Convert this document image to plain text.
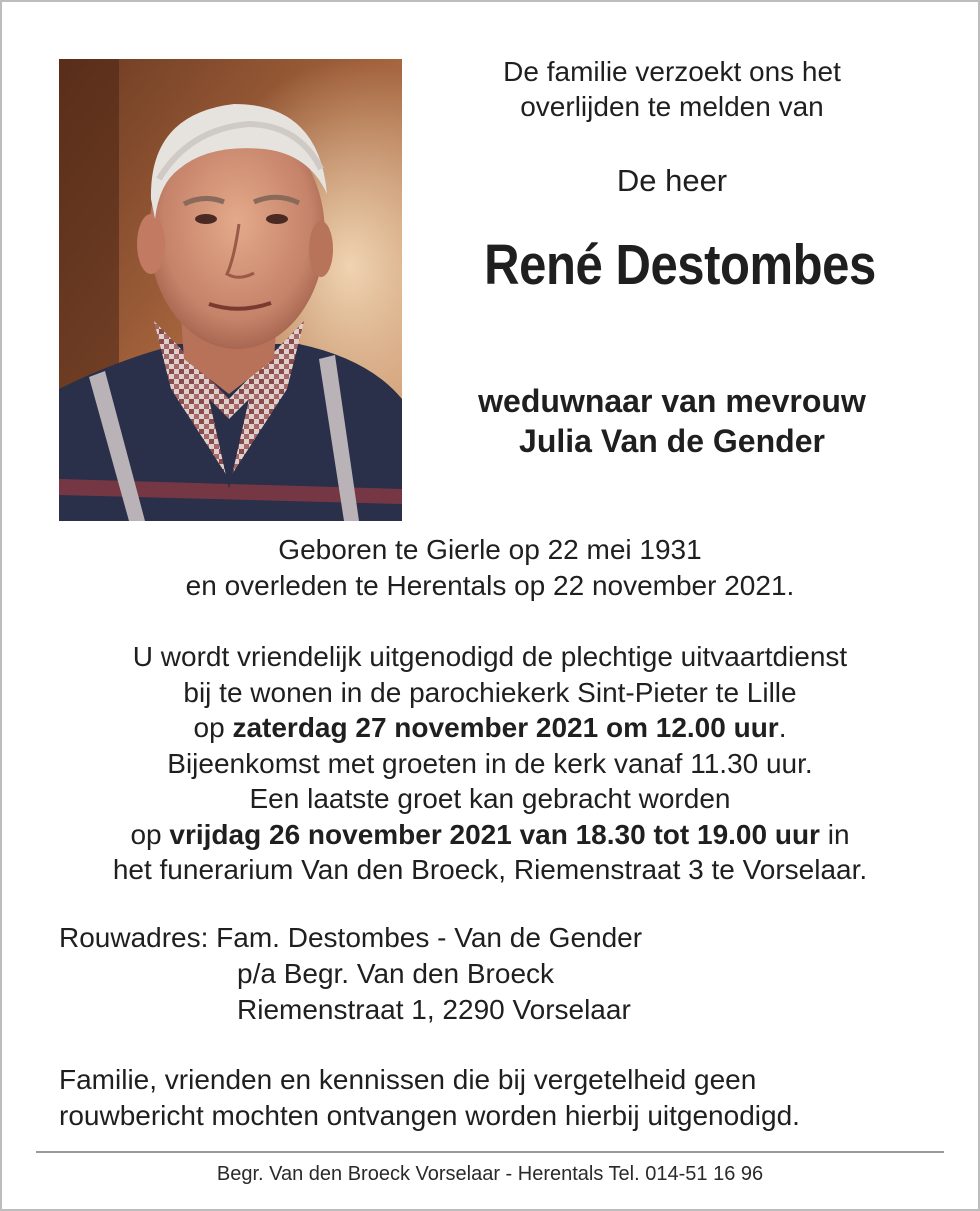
De familie verzoekt ons het
overlijden te melden van
De heer
René Destombes
weduwnaar van mevrouw
Julia Van de Gender
Geboren te Gierle op 22 mei 1931
en overleden te Herentals op 22 november 2021.
U wordt vriendelijk uitgenodigd de plechtige uitvaartdienst
bij te wonen in de parochiekerk Sint-Pieter te Lille
op zaterdag 27 november 2021 om 12.00 uur.
Bijeenkomst met groeten in de kerk vanaf 11.30 uur.
Een laatste groet kan gebracht worden
op vrijdag 26 november 2021 van 18.30 tot 19.00 uur in
het funerarium Van den Broeck, Riemenstraat 3 te Vorselaar.
Rouwadres: Fam. Destombes - Van de Gender
p/a Begr. Van den Broeck
Riemenstraat 1, 2290 Vorselaar
Familie, vrienden en kennissen die bij vergetelheid geen
rouwbericht mochten ontvangen worden hierbij uitgenodigd.
Begr. Van den Broeck Vorselaar - Herentals Tel. 014-51 16 96
